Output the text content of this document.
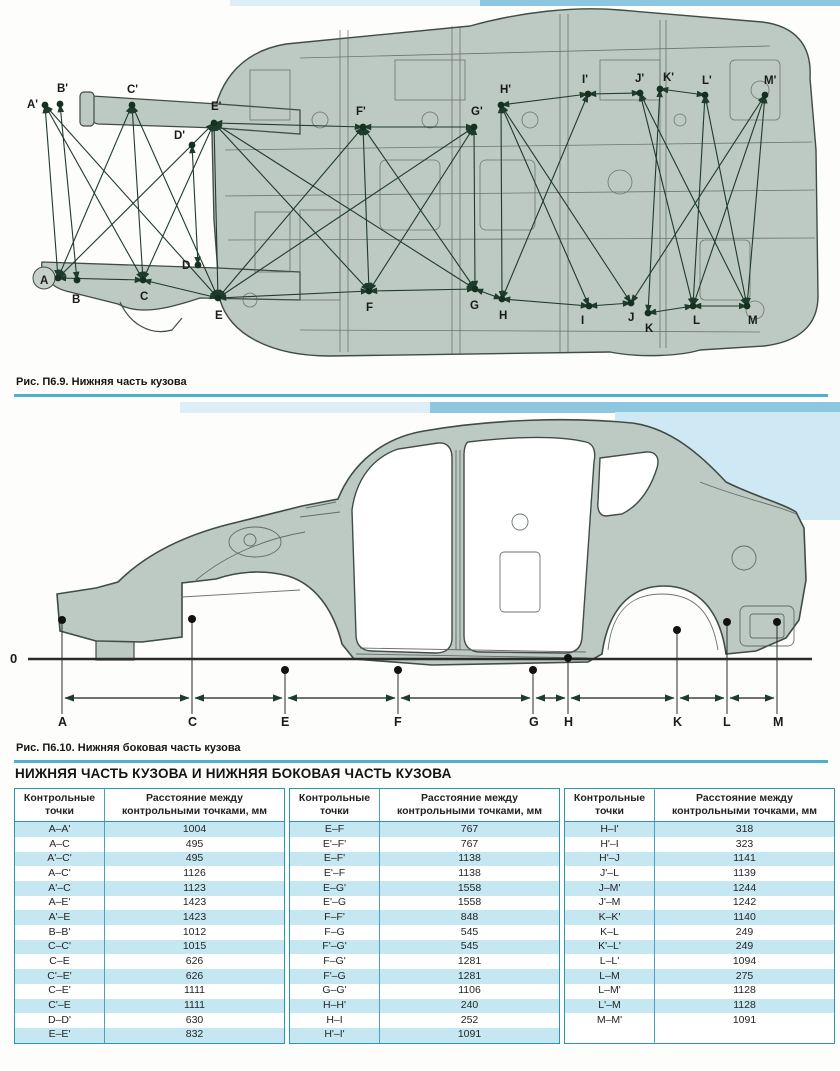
A'
B'	C'
D'
E'	F'	G'
H'
I'	J' K' L'	M'
A
B	C
D
E
F	G
H	I	J
K
L	M
Рис. П6.9. Нижняя часть кузова
0
A	C	E	F	G H	K	L	M
Рис. П6.10. Нижняя боковая часть кузова
НИЖНЯЯ ЧАСТЬ КУЗОВА И НИЖНЯЯ БОКОВАЯ ЧАСТЬ КУЗОВА
Контрольные точки	Расстояние между контрольными точками, мм
A–A'	1004
A–C	495
A'–C'	495
A–C'	1126
A'–C	1123
A–E'	1423
A'–E	1423
B–B'	1012
C–C'	1015
C–E	626
C'–E'	626
C–E'	1111
C'–E	1111
D–D'	630
E–E'	832
Контрольные точки	Расстояние между контрольными точками, мм
E–F	767
E'–F'	767
E–F'	1138
E'–F	1138
E–G'	1558
E'–G	1558
F–F'	848
F–G	545
F'–G'	545
F–G'	1281
F'–G	1281
G–G'	1106
H–H'	240
H–I	252
H'–I'	1091
Контрольные точки	Расстояние между контрольными точками, мм
H–I'	318
H'–I	323
H'–J	1141
J'–L	1139
J–M'	1244
J'–M	1242
K–K'	1140
K–L	249
K'–L'	249
L–L'	1094
L–M	275
L–M'	1128
L'–M	1128
M–M'	1091
